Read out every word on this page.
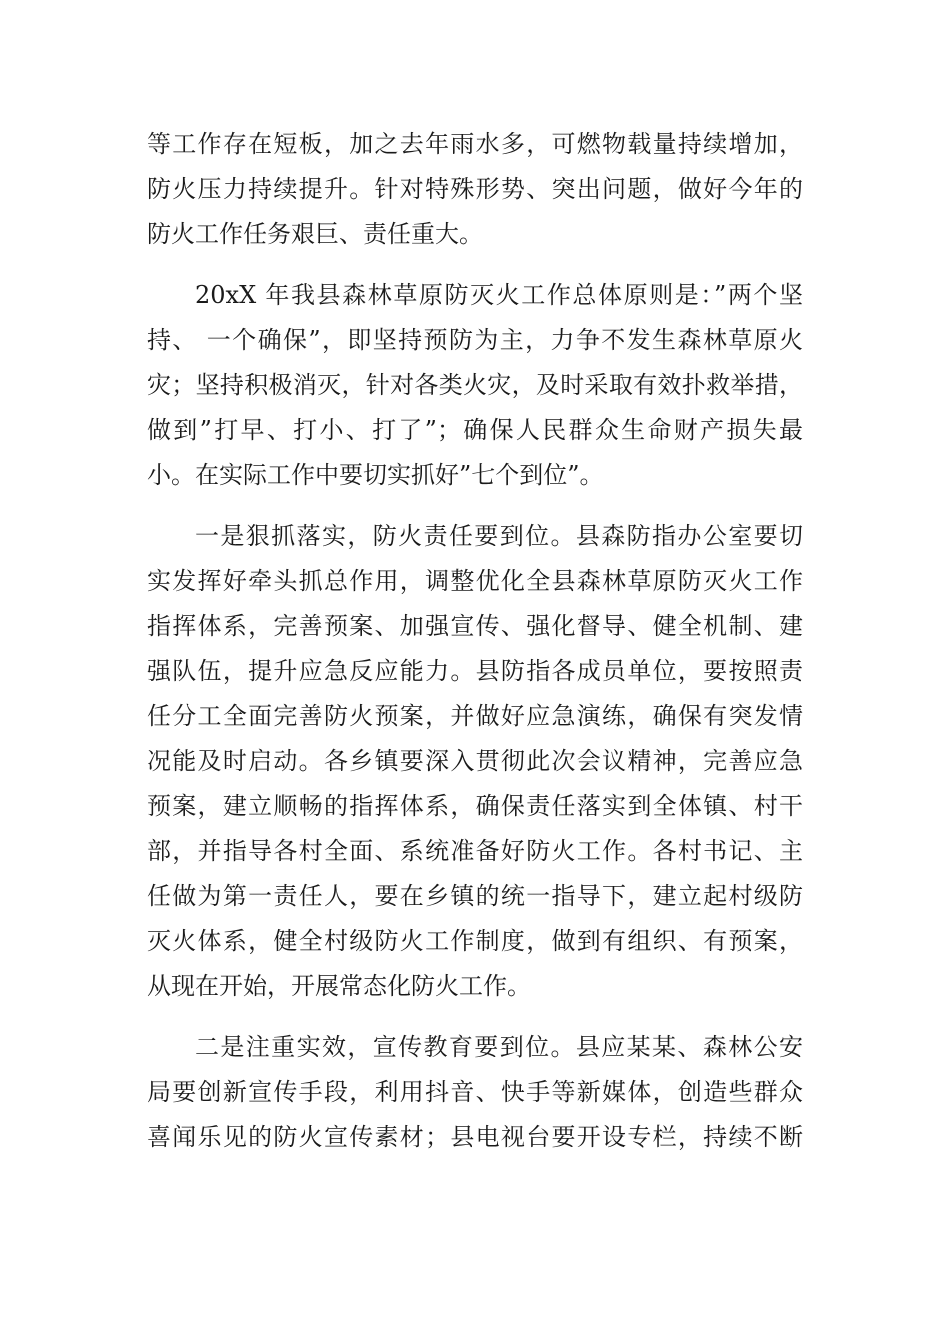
等工作存在短板，加之去年雨水多，可燃物载量持续增加，
防火压力持续提升。针对特殊形势、突出问题，做好今年的
防火工作任务艰巨、责任重大。
20xX 年我县森林草原防灭火工作总体原则是：”两个坚
持、 一个确保”，即坚持预防为主，力争不发生森林草原火
灾；坚持积极消灭，针对各类火灾，及时采取有效扑救举措，
做到”打早、打小、打了”；确保人民群众生命财产损失最
小。在实际工作中要切实抓好”七个到位”。
一是狠抓落实，防火责任要到位。县森防指办公室要切
实发挥好牵头抓总作用，调整优化全县森林草原防灭火工作
指挥体系，完善预案、加强宣传、强化督导、健全机制、建
强队伍，提升应急反应能力。县防指各成员单位，要按照责
任分工全面完善防火预案，并做好应急演练，确保有突发情
况能及时启动。各乡镇要深入贯彻此次会议精神，完善应急
预案，建立顺畅的指挥体系，确保责任落实到全体镇、村干
部，并指导各村全面、系统准备好防火工作。各村书记、主
任做为第一责任人，要在乡镇的统一指导下，建立起村级防
灭火体系，健全村级防火工作制度，做到有组织、有预案，
从现在开始，开展常态化防火工作。
二是注重实效，宣传教育要到位。县应某某、森林公安
局要创新宣传手段，利用抖音、快手等新媒体，创造些群众
喜闻乐见的防火宣传素材；县电视台要开设专栏，持续不断
